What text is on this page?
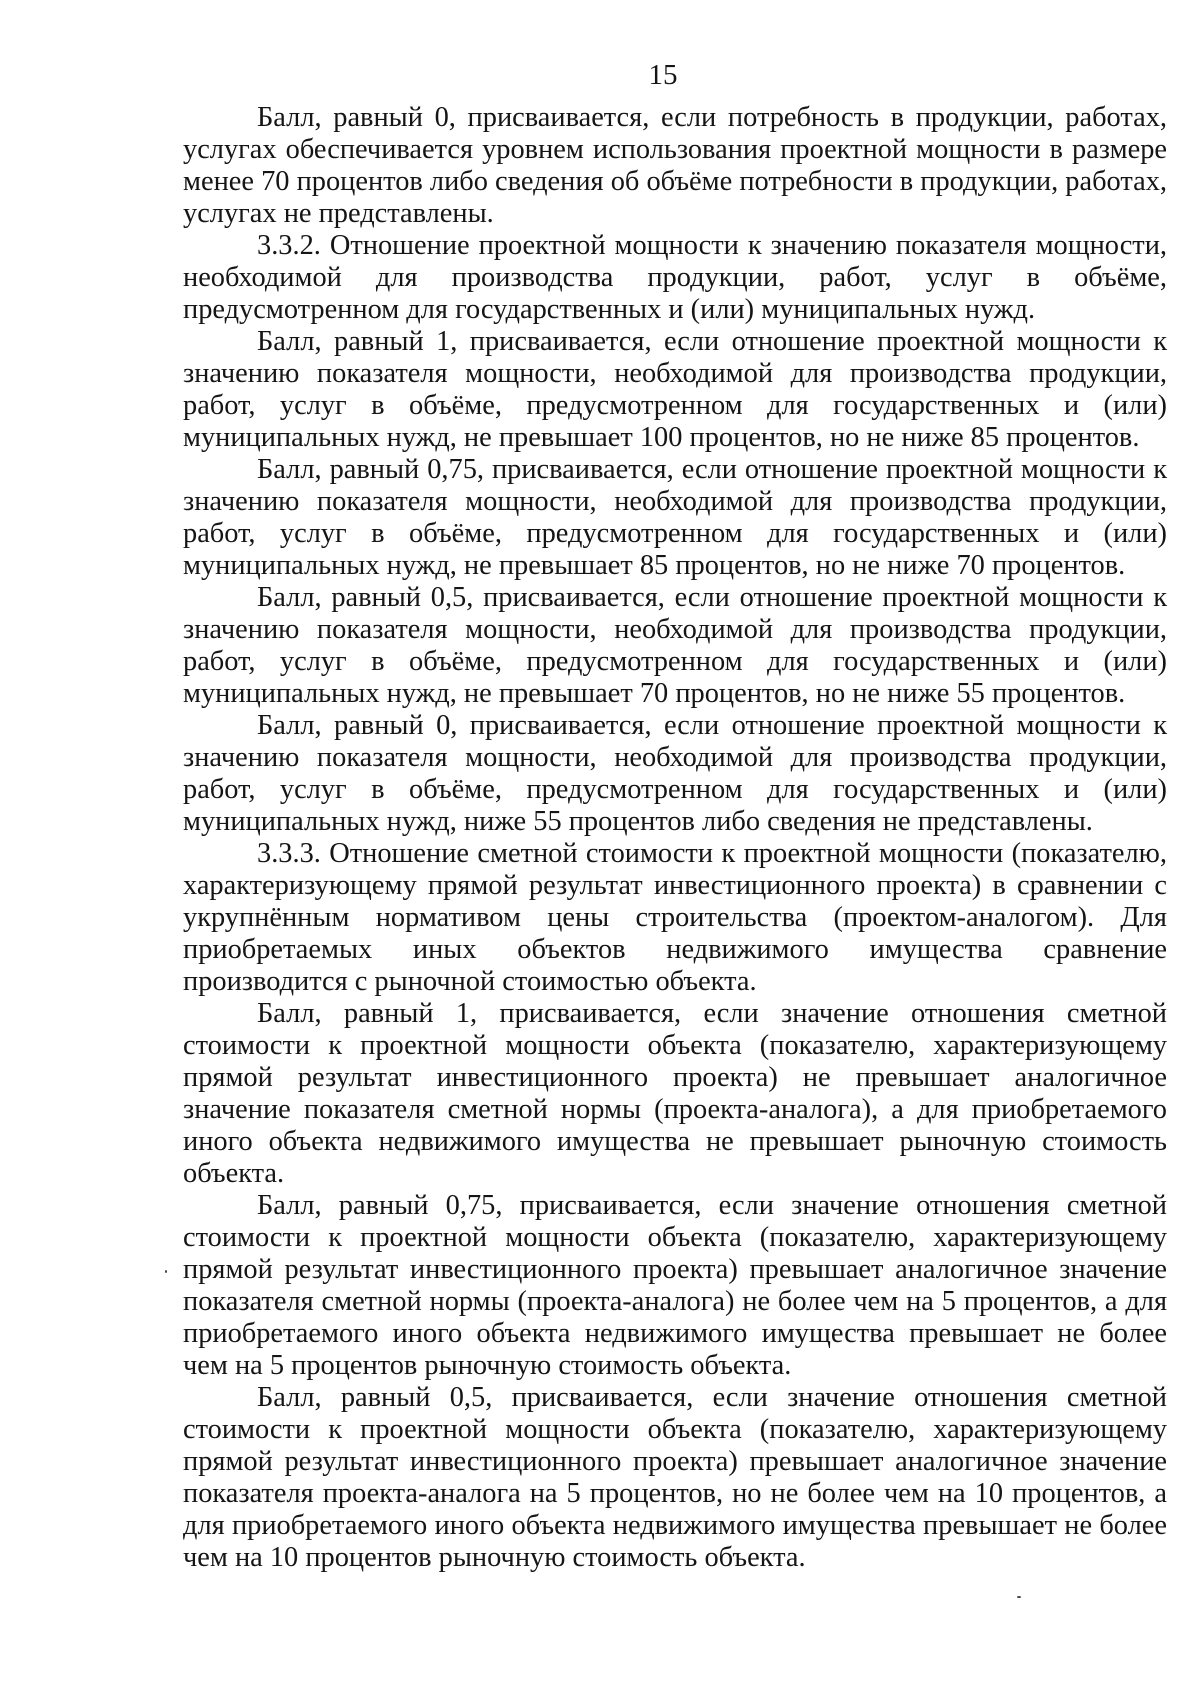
15

Балл, равный 0, присваивается, если потребность в продукции, работах, услугах обеспечивается уровнем использования проектной мощности в размере менее 70 процентов либо сведения об объёме потребности в продукции, работах, услугах не представлены.

3.3.2. Отношение проектной мощности к значению показателя мощности, необходимой для производства продукции, работ, услуг в объёме, предусмотренном для государственных и (или) муниципальных нужд.

Балл, равный 1, присваивается, если отношение проектной мощности к значению показателя мощности, необходимой для производства продукции, работ, услуг в объёме, предусмотренном для государственных и (или) муниципальных нужд, не превышает 100 процентов, но не ниже 85 процентов.

Балл, равный 0,75, присваивается, если отношение проектной мощности к значению показателя мощности, необходимой для производства продукции, работ, услуг в объёме, предусмотренном для государственных и (или) муниципальных нужд, не превышает 85 процентов, но не ниже 70 процентов.

Балл, равный 0,5, присваивается, если отношение проектной мощности к значению показателя мощности, необходимой для производства продукции, работ, услуг в объёме, предусмотренном для государственных и (или) муниципальных нужд, не превышает 70 процентов, но не ниже 55 процентов.

Балл, равный 0, присваивается, если отношение проектной мощности к значению показателя мощности, необходимой для производства продукции, работ, услуг в объёме, предусмотренном для государственных и (или) муниципальных нужд, ниже 55 процентов либо сведения не представлены.

3.3.3. Отношение сметной стоимости к проектной мощности (показателю, характеризующему прямой результат инвестиционного проекта) в сравнении с укрупнённым нормативом цены строительства (проектом-аналогом). Для приобретаемых иных объектов недвижимого имущества сравнение производится с рыночной стоимостью объекта.

Балл, равный 1, присваивается, если значение отношения сметной стоимости к проектной мощности объекта (показателю, характеризующему прямой результат инвестиционного проекта) не превышает аналогичное значение показателя сметной нормы (проекта-аналога), а для приобретаемого иного объекта недвижимого имущества не превышает рыночную стоимость объекта.

Балл, равный 0,75, присваивается, если значение отношения сметной стоимости к проектной мощности объекта (показателю, характеризующему прямой результат инвестиционного проекта) превышает аналогичное значение показателя сметной нормы (проекта-аналога) не более чем на 5 процентов, а для приобретаемого иного объекта недвижимого имущества превышает не более чем на 5 процентов рыночную стоимость объекта.

Балл, равный 0,5, присваивается, если значение отношения сметной стоимости к проектной мощности объекта (показателю, характеризующему прямой результат инвестиционного проекта) превышает аналогичное значение показателя проекта-аналога на 5 процентов, но не более чем на 10 процентов, а для приобретаемого иного объекта недвижимого имущества превышает не более чем на 10 процентов рыночную стоимость объекта.
